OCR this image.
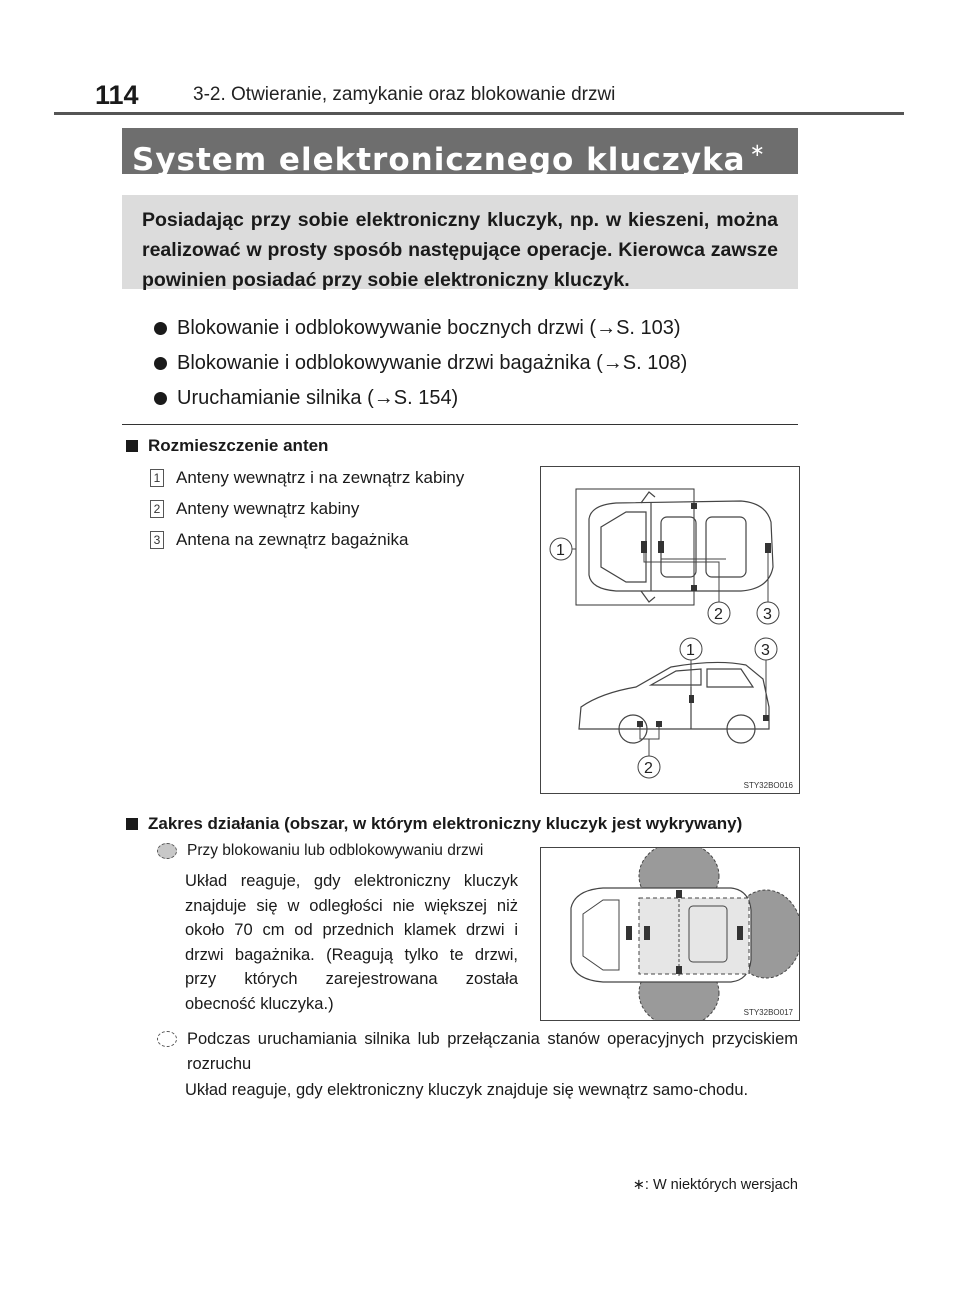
114	3-2. Otwieranie, zamykanie oraz blokowanie drzwi
System elektronicznego kluczyka ∗
Posiadając przy sobie elektroniczny kluczyk, np. w kieszeni, można realizować w prosty sposób następujące operacje. Kierowca zawsze powinien posiadać przy sobie elektroniczny kluczyk.
Blokowanie i odblokowywanie bocznych drzwi (→S. 103)
Blokowanie i odblokowywanie drzwi bagażnika (→S. 108)
Uruchamianie silnika (→S. 154)
Rozmieszczenie anten
1 Anteny wewnątrz i na zewnątrz kabiny
2 Anteny wewnątrz kabiny
3 Antena na zewnątrz bagażnika
1
2	3
1	3
2
STY32BO016
Zakres działania (obszar, w którym elektroniczny kluczyk jest wykrywany)
Przy blokowaniu lub odblokowywaniu drzwi
Układ reaguje, gdy elektroniczny kluczyk znajduje się w odległości nie większej niż około 70 cm od przednich klamek drzwi i drzwi bagażnika. (Reagują tylko te drzwi, przy których zarejestrowana została obecność kluczyka.)	STY32BO017
Podczas uruchamiania silnika lub przełączania stanów operacyjnych przyciskiem rozruchu
Układ reaguje, gdy elektroniczny kluczyk znajduje się wewnątrz samo-chodu.
∗: W niektórych wersjach
